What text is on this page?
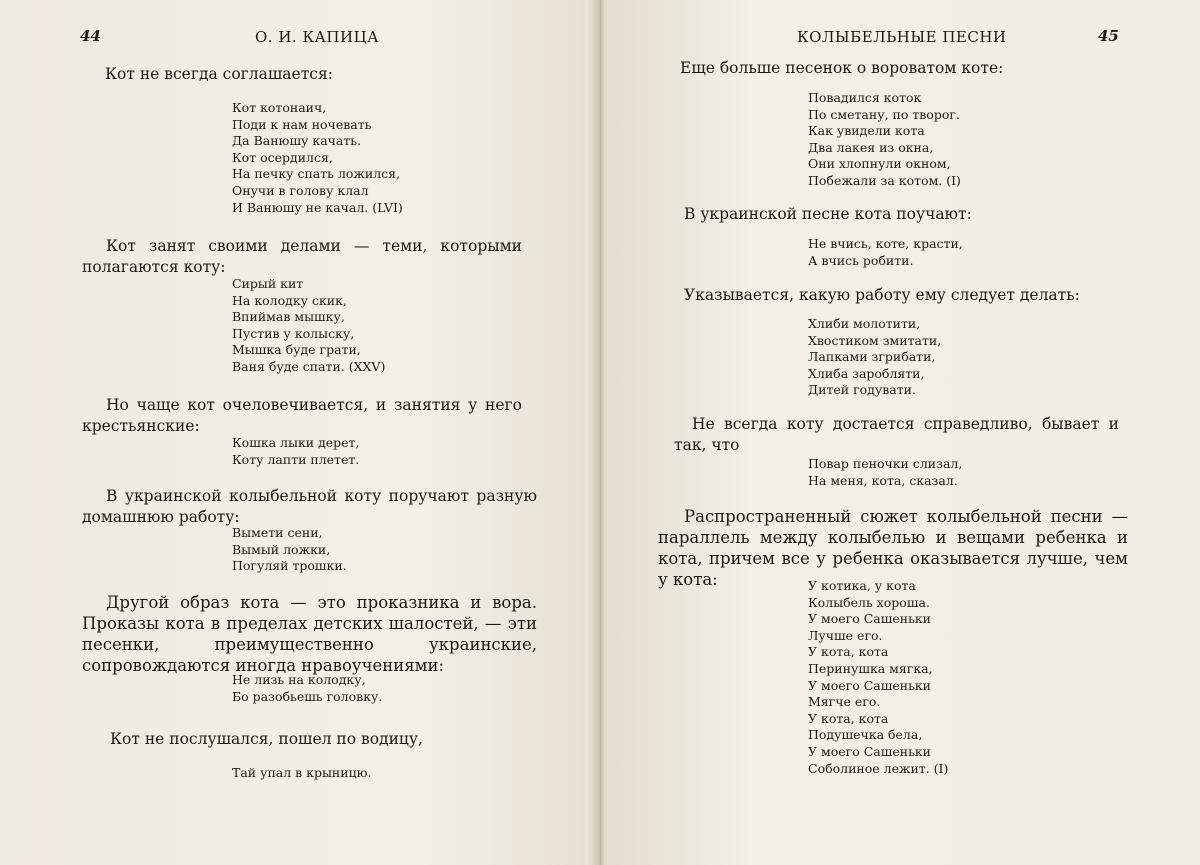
44	О. И. КАПИЦА
Кот не всегда соглашается:
Кот котонаич,
Поди к нам ночевать
Да Ванюшу качать.
Кот осердился,
На печку спать ложился,
Онучи в голову клал
И Ванюшу не качал. (LVI)
Кот занят своими делами — теми, которыми полагаются коту:
Сирый кит
На колодку скик,
Впиймав мышку,
Пустив у колыску,
Мышка буде грати,
Ваня буде спати. (XXV)
Но чаще кот очеловечивается, и занятия у него крестьянские:
Кошка лыки дерет,
Коту лапти плетет.
В украинской колыбельной коту поручают разную домашнюю работу:
Вымети сени,
Вымый ложки,
Погуляй трошки.
Другой образ кота — это проказника и вора. Проказы кота в пределах детских шалостей, — эти песенки, преимущественно украинские, сопровождаются иногда нравоучениями:
Не лизь на колодку,
Бо разобьешь головку.
Кот не послушался, пошел по водицу,
Тай упал в крыницю.
КОЛЫБЕЛЬНЫЕ ПЕСНИ	45
Еще больше песенок о вороватом коте:
Повадился коток
По сметану, по творог.
Как увидели кота
Два лакея из окна,
Они хлопнули окном,
Побежали за котом. (I)
В украинской песне кота поучают:
Не вчись, коте, красти,
А вчись робити.
Указывается, какую работу ему следует делать:
Хлиби молотити,
Хвостиком змитати,
Лапками згрибати,
Хлиба заробляти,
Дитей годувати.
Не всегда коту достается справедливо, бывает и так, что
Повар пеночки слизал,
На меня, кота, сказал.
Распространенный сюжет колыбельной песни — параллель между колыбелью и вещами ребенка и кота, причем все у ребенка оказывается лучше, чем у кота:	У котика, у кота
Колыбель хороша.
У моего Сашеньки
Лучше его.
У кота, кота
Перинушка мягка,
У моего Сашеньки
Мягче его.
У кота, кота
Подушечка бела,
У моего Сашеньки
Соболиное лежит. (I)
